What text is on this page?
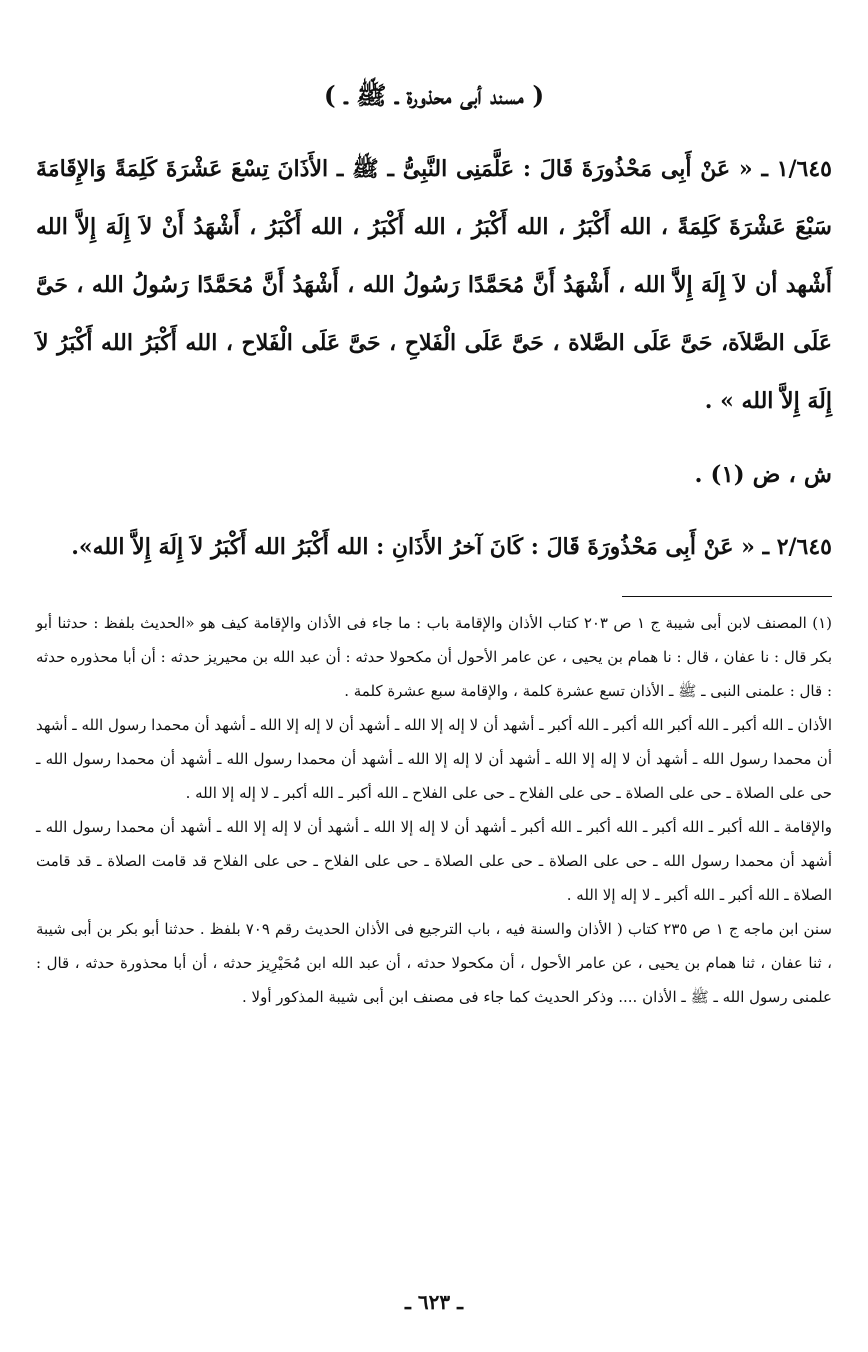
( مسند أبى محذورة ـ ﷺ ـ )
١/٦٤٥ ـ « عَنْ أَبِى مَحْذُورَةَ قَالَ : عَلَّمَنِى النَّبِىُّ ـ ﷺ ـ الأَذَانَ تِسْعَ عَشْرَةَ كَلِمَةً وَالإِقَامَةَ سَبْعَ عَشْرَةَ كَلِمَةً ، الله أَكْبَرُ ، الله أَكْبَرُ ، الله أَكْبَرُ ، الله أَكْبَرُ ، أَشْهَدُ أَنْ لاَ إِلَهَ إِلاَّ الله أَشْهد أن لاَ إِلَهَ إِلاَّ الله ، أَشْهَدُ أَنَّ مُحَمَّدًا رَسُولُ الله ، أَشْهَدُ أَنَّ مُحَمَّدًا رَسُولُ الله ، حَىَّ عَلَى الصَّلاَة، حَىَّ عَلَى الصَّلاة ، حَىَّ عَلَى الْفَلاحِ ، حَىَّ عَلَى الْفَلاح ، الله أَكْبَرُ الله أَكْبَرُ لاَ إِلَهَ إِلاَّ الله » .
ش ، ض (١) .
٢/٦٤٥ ـ « عَنْ أَبِى مَحْذُورَةَ قَالَ : كَانَ آخرُ الأَذَانِ : الله أَكْبَرُ الله أَكْبَرُ لاَ إِلَهَ إِلاَّ الله».

(١) المصنف لابن أبى شيبة ج ١ ص ٢٠٣ كتاب الأذان والإقامة باب : ما جاء فى الأذان والإقامة كيف هو «الحديث بلفظ : حدثنا أبو بكر قال : نا عفان ، قال : نا همام بن يحيى ، عن عامر الأحول أن مكحولا حدثه : أن عبد الله بن محيريز حدثه : أن أبا محذوره حدثه : قال : علمنى النبى ـ ﷺ ـ الأذان تسع عشرة كلمة ، والإقامة سبع عشرة كلمة .

الأذان ـ الله أكبر ـ الله أكبر الله أكبر ـ الله أكبر ـ أشهد أن لا إله إلا الله ـ أشهد أن لا إله إلا الله ـ أشهد أن محمدا رسول الله ـ أشهد أن محمدا رسول الله ـ أشهد أن لا إله إلا الله ـ أشهد أن لا إله إلا الله ـ أشهد أن محمدا رسول الله ـ أشهد أن محمدا رسول الله ـ حى على الصلاة ـ حى على الصلاة ـ حى على الفلاح ـ حى على الفلاح ـ الله أكبر ـ الله أكبر ـ لا إله إلا الله .

والإقامة ـ الله أكبر ـ الله أكبر ـ الله أكبر ـ الله أكبر ـ أشهد أن لا إله إلا الله ـ أشهد أن لا إله إلا الله ـ أشهد أن محمدا رسول الله ـ أشهد أن محمدا رسول الله ـ حى على الصلاة ـ حى على الصلاة ـ حى على الفلاح ـ حى على الفلاح قد قامت الصلاة ـ قد قامت الصلاة ـ الله أكبر ـ الله أكبر ـ لا إله إلا الله .

سنن ابن ماجه ج ١ ص ٢٣٥ كتاب ( الأذان والسنة فيه ، باب الترجيع فى الأذان الحديث رقم ٧٠٩ بلفظ . حدثنا أبو بكر بن أبى شيبة ، ثنا عفان ، ثنا همام بن يحيى ، عن عامر الأحول ، أن مكحولا حدثه ، أن عبد الله ابن مُحَيْرِيز حدثه ، أن أبا محذورة حدثه ، قال : علمنى رسول الله ـ ﷺ ـ الأذان .... وذكر الحديث كما جاء فى مصنف ابن أبى شيبة المذكور أولا .

ـ ٦٢٣ ـ
